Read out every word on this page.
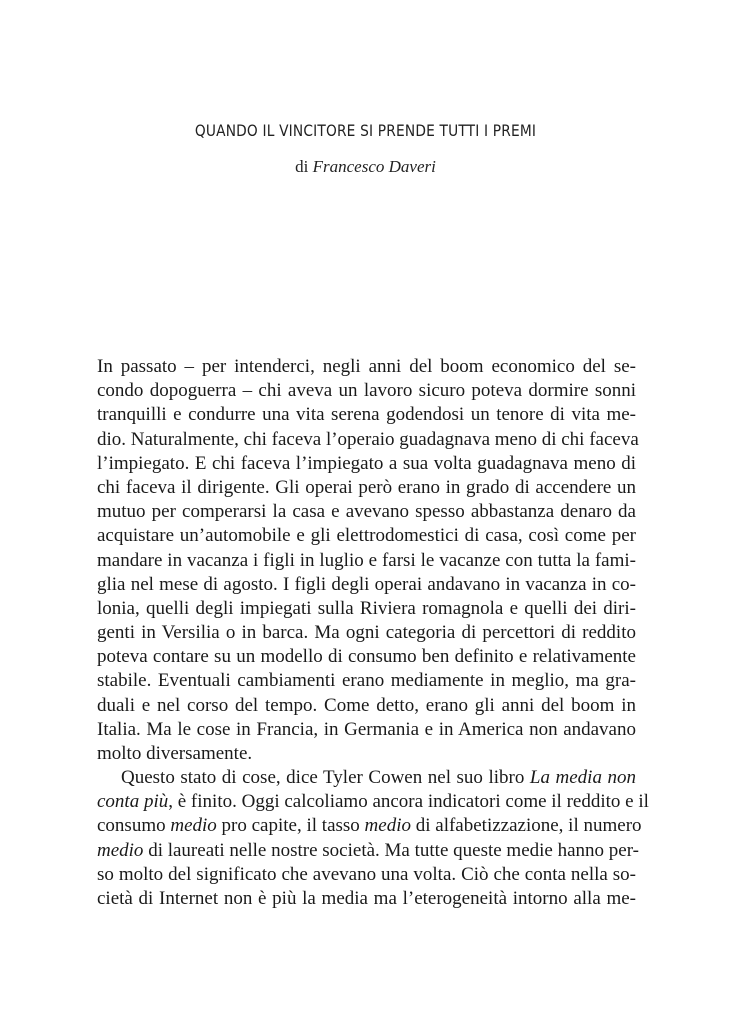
QUANDO IL VINCITORE SI PRENDE TUTTI I PREMI

di Francesco Daveri

In passato – per intenderci, negli anni del boom economico del se-
condo dopoguerra – chi aveva un lavoro sicuro poteva dormire sonni
tranquilli e condurre una vita serena godendosi un tenore di vita me-
dio. Naturalmente, chi faceva l’operaio guadagnava meno di chi faceva
l’impiegato. E chi faceva l’impiegato a sua volta guadagnava meno di
chi faceva il dirigente. Gli operai però erano in grado di accendere un
mutuo per comperarsi la casa e avevano spesso abbastanza denaro da
acquistare un’automobile e gli elettrodomestici di casa, così come per
mandare in vacanza i figli in luglio e farsi le vacanze con tutta la fami-
glia nel mese di agosto. I figli degli operai andavano in vacanza in co-
lonia, quelli degli impiegati sulla Riviera romagnola e quelli dei diri-
genti in Versilia o in barca. Ma ogni categoria di percettori di reddito
poteva contare su un modello di consumo ben definito e relativamente
stabile. Eventuali cambiamenti erano mediamente in meglio, ma gra-
duali e nel corso del tempo. Come detto, erano gli anni del boom in
Italia. Ma le cose in Francia, in Germania e in America non andavano
molto diversamente.
Questo stato di cose, dice Tyler Cowen nel suo libro La media non
conta più, è finito. Oggi calcoliamo ancora indicatori come il reddito e il
consumo medio pro capite, il tasso medio di alfabetizzazione, il numero
medio di laureati nelle nostre società. Ma tutte queste medie hanno per-
so molto del significato che avevano una volta. Ciò che conta nella so-
cietà di Internet non è più la media ma l’eterogeneità intorno alla me-
